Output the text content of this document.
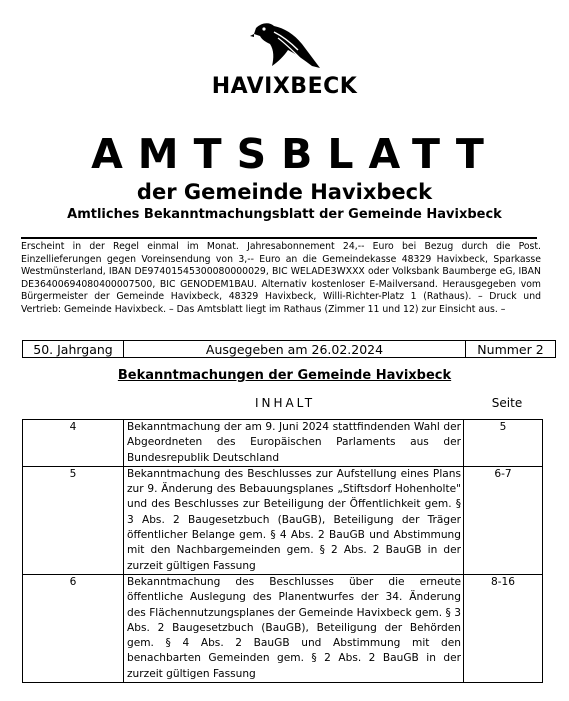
HAVIXBECK
AMTSBLATT
der Gemeinde Havixbeck
Amtliches Bekanntmachungsblatt der Gemeinde Havixbeck
Erscheint in der Regel einmal im Monat. Jahresabonnement 24,-- Euro bei Bezug durch die Post. Einzellieferungen gegen Voreinsendung von 3,-- Euro an die Gemeindekasse 48329 Havixbeck, Sparkasse Westmünsterland, IBAN DE97401545300080000029, BIC WELADE3WXXX oder Volksbank Baumberge eG, IBAN DE36400694080400007500, BIC GENODEM1BAU. Alternativ kostenloser E-Mailversand. Herausgegeben vom Bürgermeister der Gemeinde Havixbeck, 48329 Havixbeck, Willi-Richter-Platz 1 (Rathaus). – Druck und Vertrieb: Gemeinde Havixbeck. – Das Amtsblatt liegt im Rathaus (Zimmer 11 und 12) zur Einsicht aus. –
50. Jahrgang	Ausgegeben am 26.02.2024	Nummer 2
Bekanntmachungen der Gemeinde Havixbeck
INHALT	Seite
4	Bekanntmachung der am 9. Juni 2024 stattfindenden Wahl der Abgeordneten des Europäischen Parlaments aus der Bundesrepublik Deutschland	5
5	Bekanntmachung des Beschlusses zur Aufstellung eines Plans zur 9. Änderung des Bebauungsplanes „Stiftsdorf Hohenholte" und des Beschlusses zur Beteiligung der Öffentlichkeit gem. § 3 Abs. 2 Baugesetzbuch (BauGB), Beteiligung der Träger öffentlicher Belange gem. § 4 Abs. 2 BauGB und Abstimmung mit den Nachbargemeinden gem. § 2 Abs. 2 BauGB in der zurzeit gültigen Fassung	6-7
6	Bekanntmachung des Beschlusses über die erneute öffentliche Auslegung des Planentwurfes der 34. Änderung des Flächennutzungsplanes der Gemeinde Havixbeck gem. § 3 Abs. 2 Baugesetzbuch (BauGB), Beteiligung der Behörden gem. § 4 Abs. 2 BauGB und Abstimmung mit den benachbarten Gemeinden gem. § 2 Abs. 2 BauGB in der zurzeit gültigen Fassung	8-16
